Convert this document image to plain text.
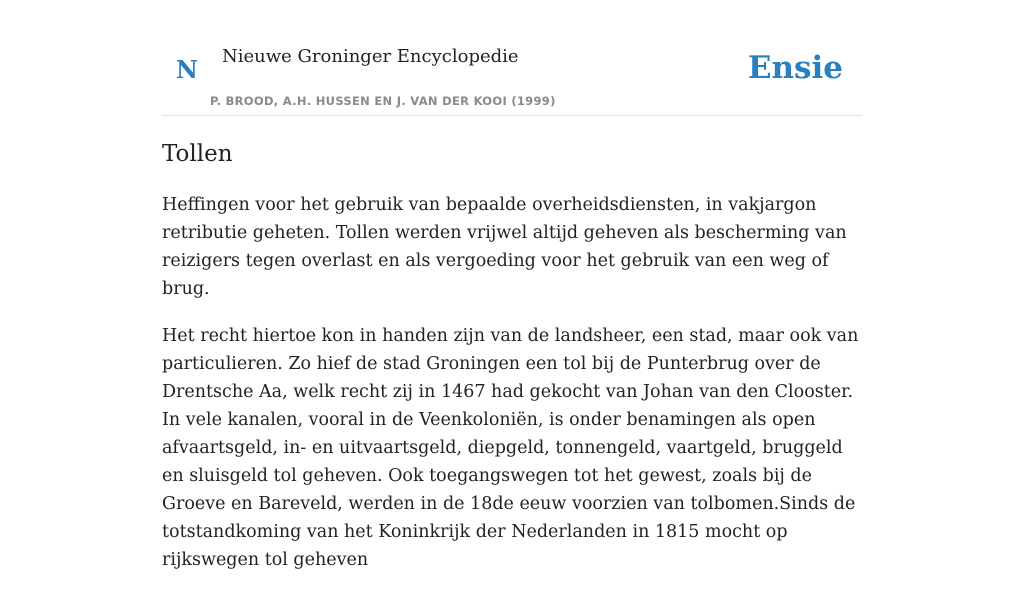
N Nieuwe Groninger Encyclopedie
P. BROOD, A.H. HUSSEN EN J. VAN DER KOOI (1999)
Ensie
Tollen

Heffingen voor het gebruik van bepaalde overheidsdiensten, in vakjargon retributie geheten. Tollen werden vrijwel altijd geheven als bescherming van reizigers tegen overlast en als vergoeding voor het gebruik van een weg of brug.

Het recht hiertoe kon in handen zijn van de landsheer, een stad, maar ook van particulieren. Zo hief de stad Groningen een tol bij de Punterbrug over de Drentsche Aa, welk recht zij in 1467 had gekocht van Johan van den Clooster. In vele kanalen, vooral in de Veenkoloniën, is onder benamingen als open afvaartsgeld, in- en uitvaartsgeld, diepgeld, tonnengeld, vaartgeld, bruggeld en sluisgeld tol geheven. Ook toegangswegen tot het gewest, zoals bij de Groeve en Bareveld, werden in de 18de eeuw voorzien van tolbomen.Sinds de totstandkoming van het Koninkrijk der Nederlanden in 1815 mocht op rijkswegen tol geheven
